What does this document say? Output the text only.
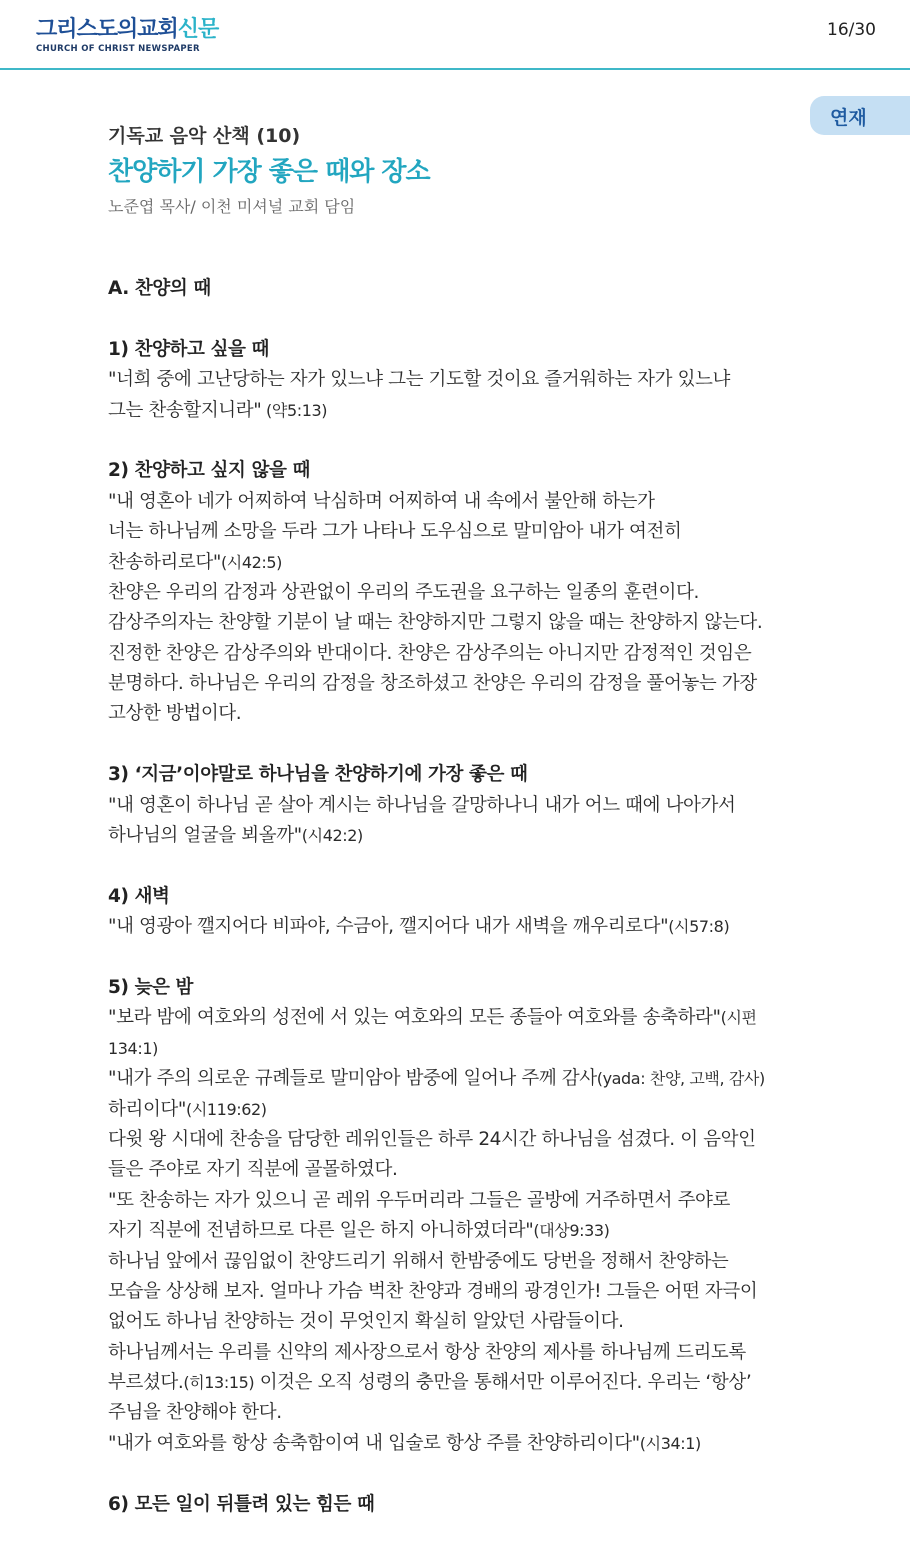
그리스도의교회신문
CHURCH OF CHRIST NEWSPAPER
16/30
연재
기독교 음악 산책 (10)
찬양하기 가장 좋은 때와 장소
노준엽 목사/ 이천 미셔널 교회 담임
A. 찬양의 때
1) 찬양하고 싶을 때
"너희 중에 고난당하는 자가 있느냐 그는 기도할 것이요 즐거워하는 자가 있느냐
그는 찬송할지니라" (약5:13)
2) 찬양하고 싶지 않을 때
"내 영혼아 네가 어찌하여 낙심하며 어찌하여 내 속에서 불안해 하는가
너는 하나님께 소망을 두라 그가 나타나 도우심으로 말미암아 내가 여전히
찬송하리로다"(시42:5)
찬양은 우리의 감정과 상관없이 우리의 주도권을 요구하는 일종의 훈련이다.
감상주의자는 찬양할 기분이 날 때는 찬양하지만 그렇지 않을 때는 찬양하지 않는다.
진정한 찬양은 감상주의와 반대이다. 찬양은 감상주의는 아니지만 감정적인 것임은
분명하다. 하나님은 우리의 감정을 창조하셨고 찬양은 우리의 감정을 풀어놓는 가장
고상한 방법이다.
3) ‘지금’이야말로 하나님을 찬양하기에 가장 좋은 때
"내 영혼이 하나님 곧 살아 계시는 하나님을 갈망하나니 내가 어느 때에 나아가서
하나님의 얼굴을 뵈올까"(시42:2)
4) 새벽
"내 영광아 깰지어다 비파야, 수금아, 깰지어다 내가 새벽을 깨우리로다"(시57:8)
5) 늦은 밤
"보라 밤에 여호와의 성전에 서 있는 여호와의 모든 종들아 여호와를 송축하라"(시편
134:1)
"내가 주의 의로운 규례들로 말미암아 밤중에 일어나 주께 감사(yada: 찬양, 고백, 감사)
하리이다"(시119:62)
다윗 왕 시대에 찬송을 담당한 레위인들은 하루 24시간 하나님을 섬겼다. 이 음악인
들은 주야로 자기 직분에 골몰하였다.
"또 찬송하는 자가 있으니 곧 레위 우두머리라 그들은 골방에 거주하면서 주야로
자기 직분에 전념하므로 다른 일은 하지 아니하였더라"(대상9:33)
하나님 앞에서 끊임없이 찬양드리기 위해서 한밤중에도 당번을 정해서 찬양하는
모습을 상상해 보자. 얼마나 가슴 벅찬 찬양과 경배의 광경인가! 그들은 어떤 자극이
없어도 하나님 찬양하는 것이 무엇인지 확실히 알았던 사람들이다.
하나님께서는 우리를 신약의 제사장으로서 항상 찬양의 제사를 하나님께 드리도록
부르셨다.(히13:15) 이것은 오직 성령의 충만을 통해서만 이루어진다. 우리는 ‘항상’
주님을 찬양해야 한다.
"내가 여호와를 항상 송축함이여 내 입술로 항상 주를 찬양하리이다"(시34:1)
6) 모든 일이 뒤틀려 있는 힘든 때
